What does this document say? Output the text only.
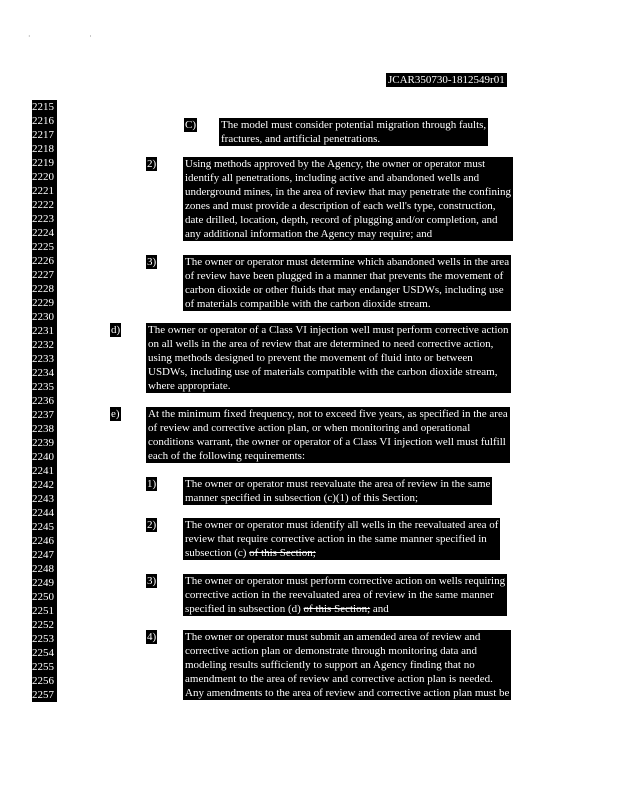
· ·
JCAR350730-1812549r01
2215
2216
2217
2218
2219
2220
2221
2222
2223
2224
2225
2226
2227
2228
2229
2230
2231
2232
2233
2234
2235
2236
2237
2238
2239
2240
2241
2242
2243
2244
2245
2246
2247
2248
2249
2250
2251
2252
2253
2254
2255
2256
2257
C) The model must consider potential migration through faults,
fractures, and artificial penetrations.
2)	Using methods approved by the Agency, the owner or operator must
identify all penetrations, including active and abandoned wells and
underground mines, in the area of review that may penetrate the confining
zones and must provide a description of each well's type, construction,
date drilled, location, depth, record of plugging and/or completion, and
any additional information the Agency may require; and
3)	The owner or operator must determine which abandoned wells in the area
of review have been plugged in a manner that prevents the movement of
carbon dioxide or other fluids that may endanger USDWs, including use
of materials compatible with the carbon dioxide stream.
d)	The owner or operator of a Class VI injection well must perform corrective action
on all wells in the area of review that are determined to need corrective action,
using methods designed to prevent the movement of fluid into or between
USDWs, including use of materials compatible with the carbon dioxide stream,
where appropriate.
e)	At the minimum fixed frequency, not to exceed five years, as specified in the area
of review and corrective action plan, or when monitoring and operational
conditions warrant, the owner or operator of a Class VI injection well must fulfill
each of the following requirements:
1)	The owner or operator must reevaluate the area of review in the same
manner specified in subsection (c)(1) of this Section;
2)	The owner or operator must identify all wells in the reevaluated area of
review that require corrective action in the same manner specified in
subsection (c) of this Section;
3)	The owner or operator must perform corrective action on wells requiring
corrective action in the reevaluated area of review in the same manner
specified in subsection (d) of this Section; and
4)	The owner or operator must submit an amended area of review and
corrective action plan or demonstrate through monitoring data and
modeling results sufficiently to support an Agency finding that no
amendment to the area of review and corrective action plan is needed.
Any amendments to the area of review and corrective action plan must be
